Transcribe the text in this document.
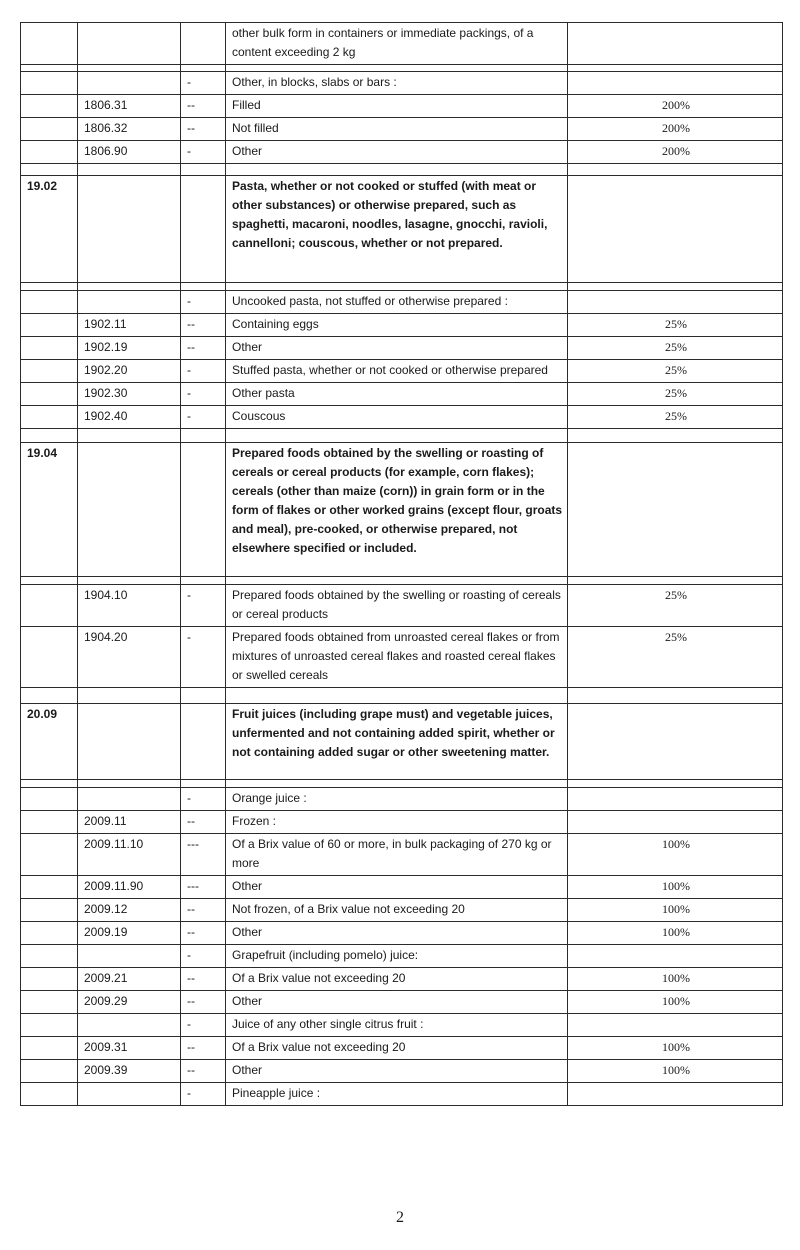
			other bulk form in containers or immediate packings, of a content exceeding 2 kg	

		-	Other, in blocks, slabs or bars :	
	1806.31	--	Filled	200%
	1806.32	--	Not filled	200%
	1806.90	-	Other	200%

19.02			Pasta, whether or not cooked or stuffed (with meat or other substances) or otherwise prepared, such as spaghetti, macaroni, noodles, lasagne, gnocchi, ravioli, cannelloni; couscous, whether or not prepared.	

		-	Uncooked pasta, not stuffed or otherwise prepared :	
	1902.11	--	Containing eggs	25%
	1902.19	--	Other	25%
	1902.20	-	Stuffed pasta, whether or not cooked or otherwise prepared	25%
	1902.30	-	Other pasta	25%
	1902.40	-	Couscous	25%

19.04			Prepared foods obtained by the swelling or roasting of cereals or cereal products (for example, corn flakes); cereals (other than maize (corn)) in grain form or in the form of flakes or other worked grains (except flour, groats and meal), pre-cooked, or otherwise prepared, not elsewhere specified or included.	

	1904.10	-	Prepared foods obtained by the swelling or roasting of cereals or cereal products	25%
	1904.20	-	Prepared foods obtained from unroasted cereal flakes or from mixtures of unroasted cereal flakes and roasted cereal flakes or swelled cereals	25%

20.09			Fruit juices (including grape must) and vegetable juices, unfermented and not containing added spirit, whether or not containing added sugar or other sweetening matter.	

		-	Orange juice :	
	2009.11	--	Frozen :	
	2009.11.10	---	Of a Brix value of 60 or more, in bulk packaging of 270 kg or more	100%
	2009.11.90	---	Other	100%
	2009.12	--	Not frozen, of a Brix value not exceeding 20	100%
	2009.19	--	Other	100%
		-	Grapefruit (including pomelo) juice:	
	2009.21	--	Of a Brix value not exceeding 20	100%
	2009.29	--	Other	100%
		-	Juice of any other single citrus fruit :	
	2009.31	--	Of a Brix value not exceeding 20	100%
	2009.39	--	Other	100%
		-	Pineapple juice :	
2
